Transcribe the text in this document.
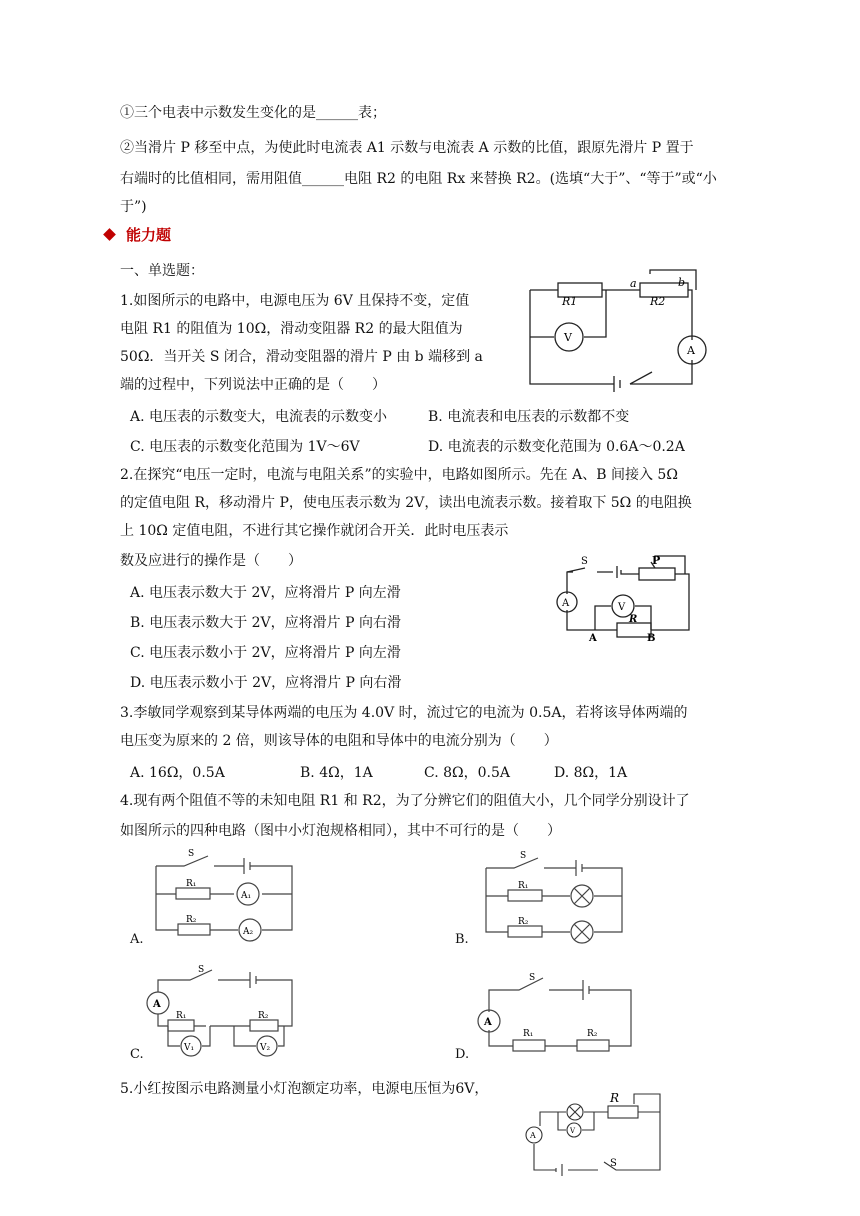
①三个电表中示数发生变化的是______表；
②当滑片 P 移至中点，为使此时电流表 A1 示数与电流表 A 示数的比值，跟原先滑片 P 置于
右端时的比值相同，需用阻值______电阻 R2 的电阻 Rx 来替换 R2。(选填“大于”、“等于”或“小
于”)
能力题
一、单选题：
1.如图所示的电路中，电源电压为 6V 且保持不变，定值
电阻 R1 的阻值为 10Ω，滑动变阻器 R2 的最大阻值为
50Ω．当开关 S 闭合，滑动变阻器的滑片 P 由 b 端移到 a
端的过程中，下列说法中正确的是（　　）
A. 电压表的示数变大，电流表的示数变小	B. 电流表和电压表的示数都不变
C. 电压表的示数变化范围为 1V～6V	D. 电流表的示数变化范围为 0.6A～0.2A
R1	R2
a	b
V
A
2.在探究“电压一定时，电流与电阻关系”的实验中，电路如图所示。先在 A、B 间接入 5Ω
的定值电阻 R，移动滑片 P，使电压表示数为 2V，读出电流表示数。接着取下 5Ω 的电阻换
上 10Ω 定值电阻，不进行其它操作就闭合开关．此时电压表示
数及应进行的操作是（　　）
A. 电压表示数大于 2V，应将滑片 P 向左滑
B. 电压表示数大于 2V，应将滑片 P 向右滑
C. 电压表示数小于 2V，应将滑片 P 向左滑
D. 电压表示数小于 2V，应将滑片 P 向右滑
S	P
A	V
R
A	B
3.李敏同学观察到某导体两端的电压为 4.0V 时，流过它的电流为 0.5A，若将该导体两端的
电压变为原来的 2 倍，则该导体的电阻和导体中的电流分别为（　　）
A. 16Ω，0.5A	B. 4Ω，1A	C. 8Ω，0.5A	D. 8Ω，1A
4.现有两个阻值不等的未知电阻 R1 和 R2，为了分辨它们的阻值大小，几个同学分别设计了
如图所示的四种电路（图中小灯泡规格相同），其中不可行的是（　　）
A.	B.
C.	D.
S
R₁
A₁
R₂
A₂
S
R₁
R₂
S
A
R₁	R₂
V₁	V₂
S
A
R₁	R₂
5.小红按图示电路测量小灯泡额定功率，电源电压恒为6V，
R
S
A	V
